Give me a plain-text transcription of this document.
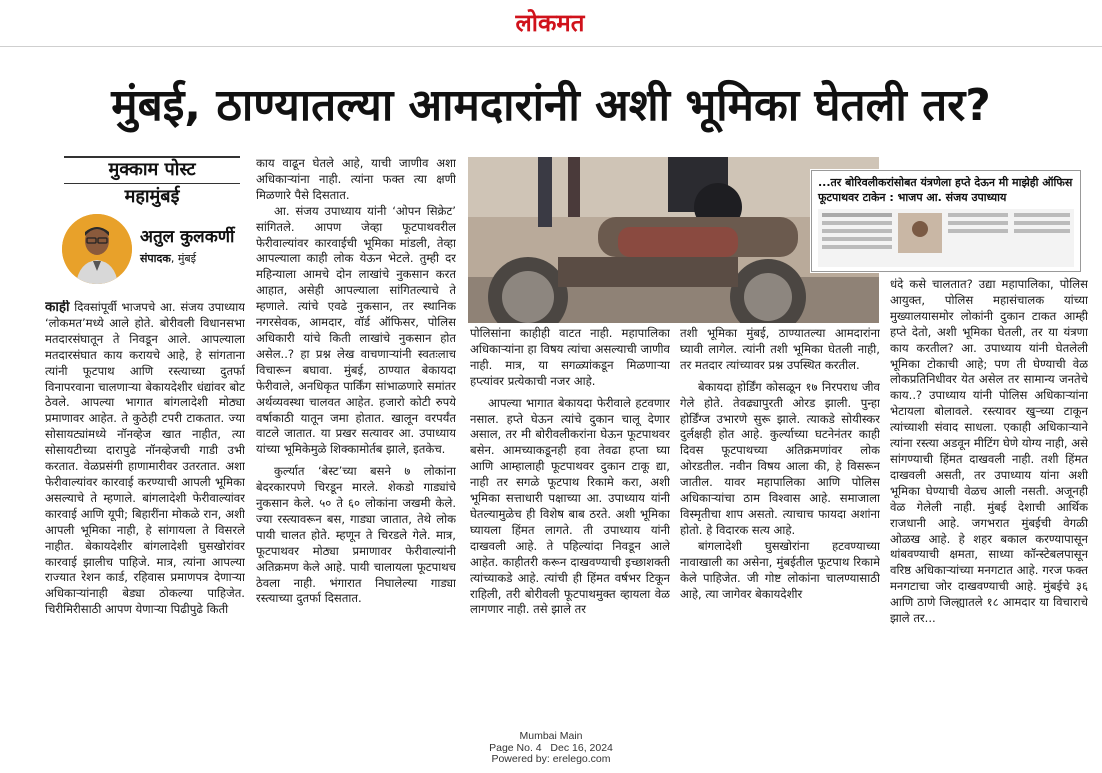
लोकमत
मुंबई, ठाण्यातल्या आमदारांनी अशी भूमिका घेतली तर?
मुक्काम पोस्ट
महामुंबई
अतुल कुलकर्णी
संपादक, मुंबई

काही दिवसांपूर्वी भाजपचे आ. संजय उपाध्याय ‘लोकमत’मध्ये आले होते. बोरीवली विधानसभा मतदारसंघातून ते निवडून आले. आपल्याला मतदारसंघात काय करायचे आहे, हे सांगताना त्यांनी फूटपाथ आणि रस्त्याच्या दुतर्फा विनापरवाना चालणाऱ्या बेकायदेशीर धंद्यांवर बोट ठेवले. आपल्या भागात बांगलादेशी मोठ्या प्रमाणावर आहेत. ते कुठेही टपरी टाकतात. ज्या सोसायट्यांमध्ये नॉनव्हेज खात नाहीत, त्या सोसायटीच्या दारापुढे नॉनव्हेजची गाडी उभी करतात. वेळप्रसंगी हाणामारीवर उतरतात. अशा फेरीवाल्यांवर कारवाई करण्याची आपली भूमिका असल्याचे ते म्हणाले. बांगलादेशी फेरीवाल्यांवर कारवाई आणि यूपी; बिहारींना मोकळे रान, अशी आपली भूमिका नाही, हे सांगायला ते विसरले नाहीत. बेकायदेशीर बांगलादेशी घुसखोरांवर कारवाई झालीच पाहिजे. मात्र, त्यांना आपल्या राज्यात रेशन कार्ड, रहिवास प्रमाणपत्र देणाऱ्या अधिकाऱ्यांनाही बेड्या ठोकल्या पाहिजेत. चिरीमिरीसाठी आपण येणाऱ्या पिढीपुढे किती

काय वाढून घेतले आहे, याची जाणीव अशा अधिकाऱ्यांना नाही. त्यांना फक्त त्या क्षणी मिळणारे पैसे दिसतात.

आ. संजय उपाध्याय यांनी ‘ओपन सिक्रेट’ सांगितले. आपण जेव्हा फूटपाथवरील फेरीवाल्यांवर कारवाईची भूमिका मांडली, तेव्हा आपल्याला काही लोक येऊन भेटले. तुम्ही दर महिन्याला आमचे दोन लाखांचे नुकसान करत आहात, असेही आपल्याला सांगितल्याचे ते म्हणाले. त्यांचे एवढे नुकसान, तर स्थानिक नगरसेवक, आमदार, वॉर्ड ऑफिसर, पोलिस अधिकारी यांचे किती लाखांचे नुकसान होत असेल..? हा प्रश्न लेख वाचणाऱ्यांनी स्वतःलाच विचारून बघावा. मुंबई, ठाण्यात बेकायदा फेरीवाले, अनधिकृत पार्किंग सांभाळणारे समांतर अर्थव्यवस्था चालवत आहेत. हजारो कोटी रुपये वर्षाकाठी यातून जमा होतात. खालून वरपर्यंत वाटले जातात. या प्रखर सत्यावर आ. उपाध्याय यांच्या भूमिकेमुळे शिक्कामोर्तब झाले, इतकेच.

कुर्ल्यात ‘बेस्ट’च्या बसने ७ लोकांना बेदरकारपणे चिरडून मारले. शेकडो गाड्यांचे नुकसान केले. ५० ते ६० लोकांना जखमी केले. ज्या रस्त्यावरून बस, गाड्या जातात, तेथे लोक पायी चालत होते. म्हणून ते चिरडले गेले. मात्र, फूटपाथवर मोठ्या प्रमाणावर फेरीवाल्यांनी अतिक्रमण केले आहे. पायी चालायला फूटपाथच ठेवला नाही. भंगारात निघालेल्या गाड्या रस्त्याच्या दुतर्फा दिसतात.

...तर बोरिवलीकरांसोबत यंत्रणेला हप्ते देऊन मी माझेही ऑफिस फूटपाथवर टाकेन : भाजप आ. संजय उपाध्याय

पोलिसांना काहीही वाटत नाही. महापालिका अधिकाऱ्यांना हा विषय त्यांचा असल्याची जाणीव नाही. मात्र, या सगळ्यांकडून मिळणाऱ्या हप्त्यांवर प्रत्येकाची नजर आहे.

आपल्या भागात बेकायदा फेरीवाले हटवणार नसाल. हप्ते घेऊन त्यांचे दुकान चालू देणार असाल, तर मी बोरीवलीकरांना घेऊन फूटपाथवर बसेन. आमच्याकडूनही हवा तेवढा हप्ता घ्या आणि आम्हालाही फूटपाथवर दुकान टाकू द्या, नाही तर सगळे फूटपाथ रिकामे करा, अशी भूमिका सत्ताधारी पक्षाच्या आ. उपाध्याय यांनी घेतल्यामुळेच ही विशेष बाब ठरते. अशी भूमिका घ्यायला हिंमत लागते. ती उपाध्याय यांनी दाखवली आहे. ते पहिल्यांदा निवडून आले आहेत. काहीतरी करून दाखवण्याची इच्छाशक्ती त्यांच्याकडे आहे. त्यांची ही हिंमत वर्षभर टिकून राहिली, तरी बोरीवली फूटपाथमुक्त व्हायला वेळ लागणार नाही. तसे झाले तर

तशी भूमिका मुंबई, ठाण्यातल्या आमदारांना घ्यावी लागेल. त्यांनी तशी भूमिका घेतली नाही, तर मतदार त्यांच्यावर प्रश्न उपस्थित करतील.

बेकायदा होर्डिंग कोसळून १७ निरपराध जीव गेले होते. तेवढ्यापुरती ओरड झाली. पुन्हा होर्डिंग्ज उभारणे सुरू झाले. त्याकडे सोयीस्कर दुर्लक्षही होत आहे. कुर्ल्याच्या घटनेनंतर काही दिवस फूटपाथच्या अतिक्रमणांवर लोक ओरडतील. नवीन विषय आला की, हे विसरून जातील. यावर महापालिका आणि पोलिस अधिकाऱ्यांचा ठाम विश्वास आहे. समाजाला विस्मृतीचा शाप असतो. त्याचाच फायदा अशांना होतो. हे विदारक सत्य आहे.

बांगलादेशी घुसखोरांना हटवण्याच्या नावाखाली का असेना, मुंबईतील फूटपाथ रिकामे केले पाहिजेत. जी गोष्ट लोकांना चालण्यासाठी आहे, त्या जागेवर बेकायदेशीर

धंदे कसे चालतात? उद्या महापालिका, पोलिस आयुक्त, पोलिस महासंचालक यांच्या मुख्यालयासमोर लोकांनी दुकान टाकत आम्ही हप्ते देतो, अशी भूमिका घेतली, तर या यंत्रणा काय करतील? आ. उपाध्याय यांनी घेतलेली भूमिका टोकाची आहे; पण ती घेण्याची वेळ लोकप्रतिनिधीवर येत असेल तर सामान्य जनतेचे काय..? उपाध्याय यांनी पोलिस अधिकाऱ्यांना भेटायला बोलावले. रस्त्यावर खुऱ्च्या टाकून त्यांच्याशी संवाद साधला. एकाही अधिकाऱ्याने त्यांना रस्त्या अडवून मीटिंग घेणे योग्य नाही, असे सांगण्याची हिंमत दाखवली नाही. तशी हिंमत दाखवली असती, तर उपाध्याय यांना अशी भूमिका घेण्याची वेळच आली नसती. अजूनही वेळ गेलेली नाही. मुंबई देशाची आर्थिक राजधानी आहे. जगभरात मुंबईची वेगळी ओळख आहे. हे शहर बकाल करण्यापासून थांबवण्याची क्षमता, साध्या कॉन्स्टेबलपासून वरिष्ठ अधिकाऱ्यांच्या मनगटात आहे. गरज फक्त मनगटाचा जोर दाखवण्याची आहे. मुंबईचे ३६ आणि ठाणे जिल्ह्यातले १८ आमदार या विचाराचे झाले तर...

Mumbai Main
Page No. 4 Dec 16, 2024
Powered by: erelego.com
